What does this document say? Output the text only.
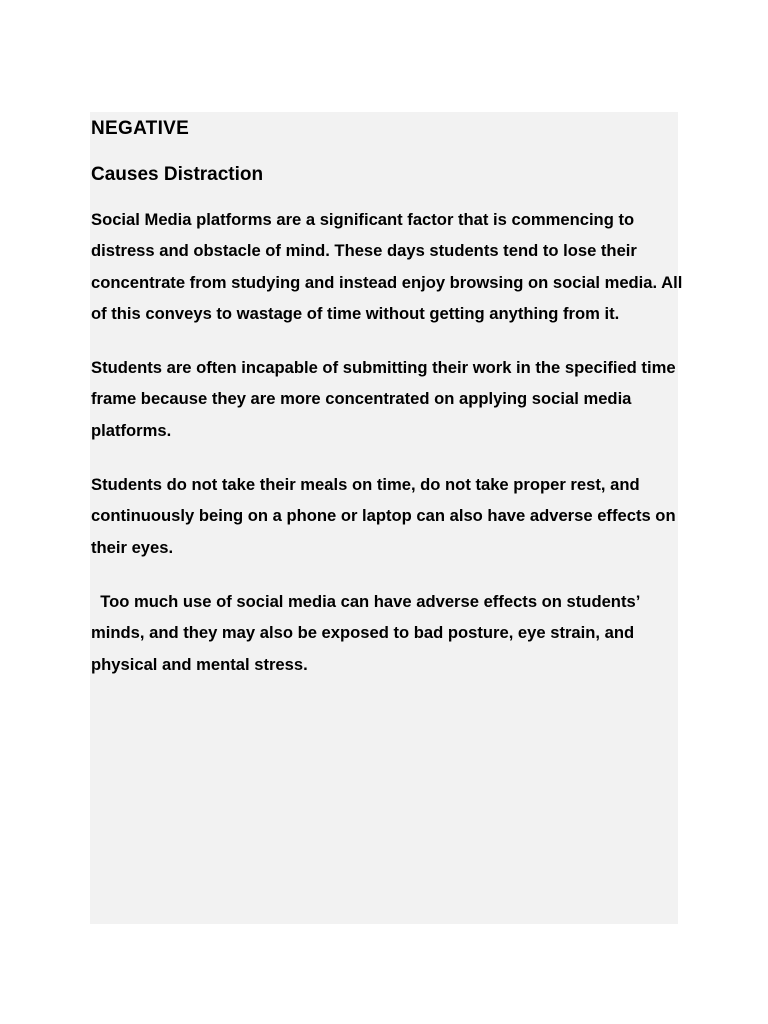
NEGATIVE
Causes Distraction

Social Media platforms are a significant factor that is commencing to distress and obstacle of mind. These days students tend to lose their concentrate from studying and instead enjoy browsing on social media. All of this conveys to wastage of time without getting anything from it.

Students are often incapable of submitting their work in the specified time frame because they are more concentrated on applying social media platforms.

Students do not take their meals on time, do not take proper rest, and continuously being on a phone or laptop can also have adverse effects on their eyes.

Too much use of social media can have adverse effects on students’ minds, and they may also be exposed to bad posture, eye strain, and physical and mental stress.
